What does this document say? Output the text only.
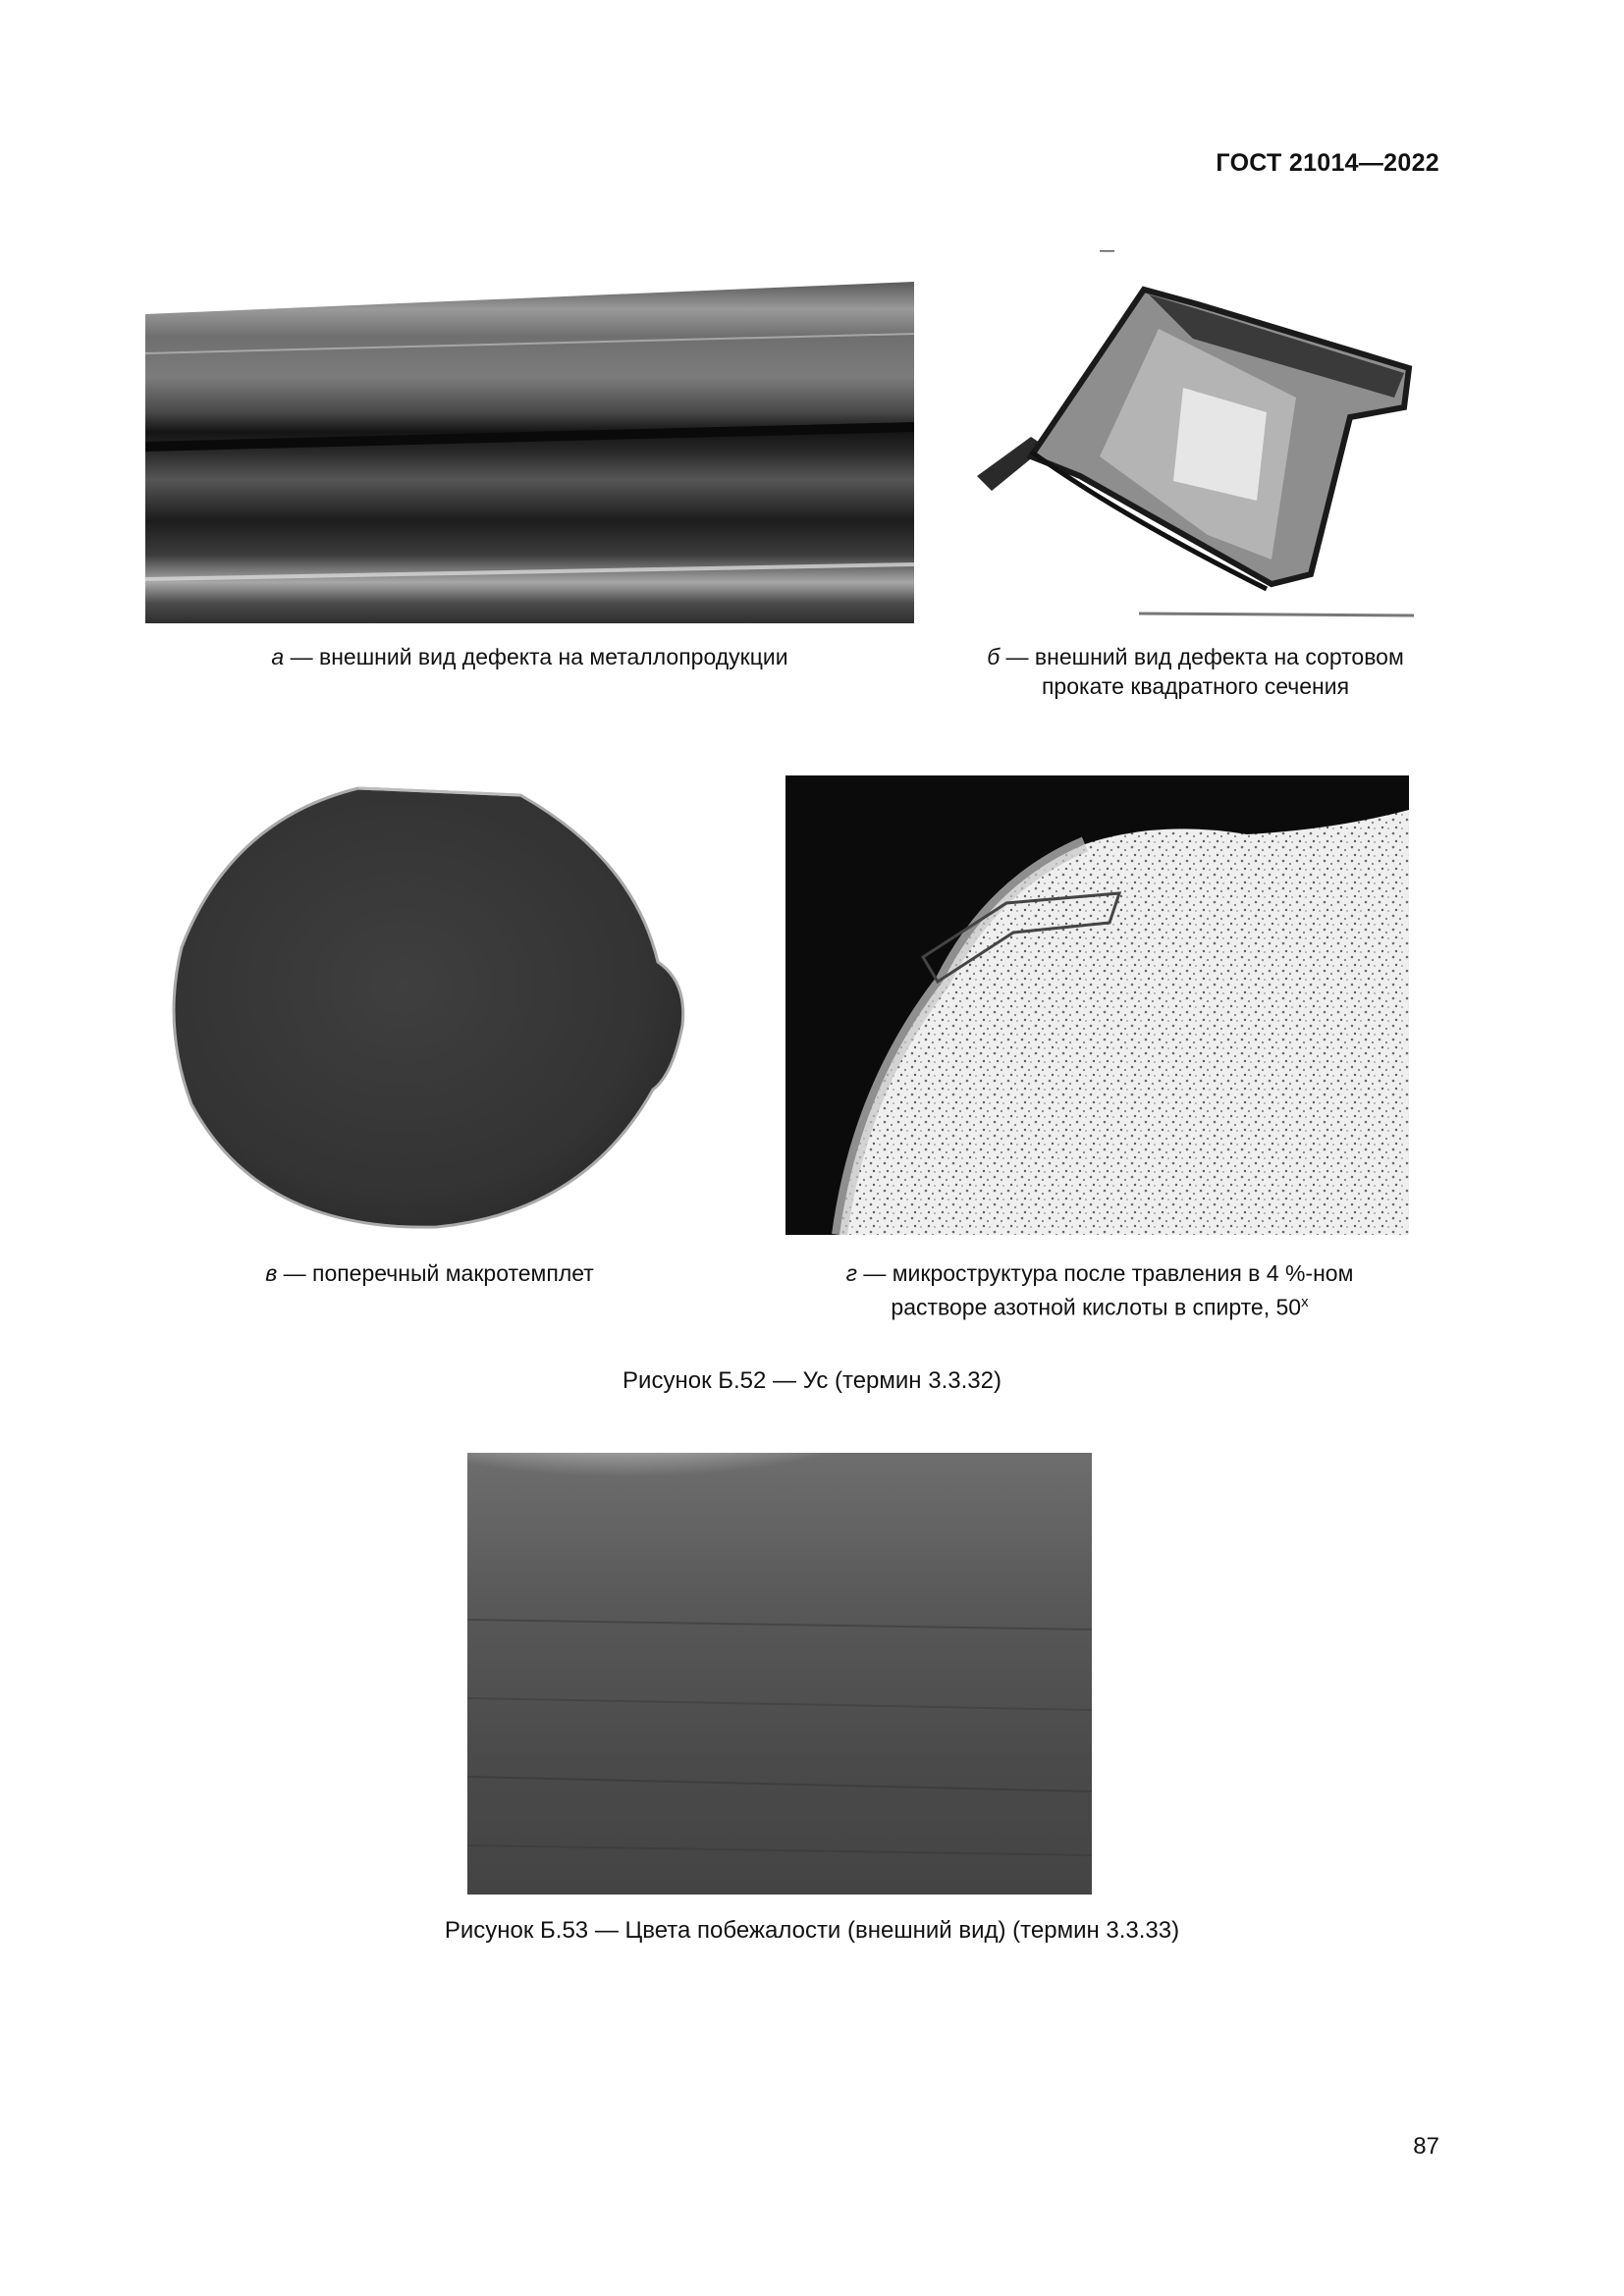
ГОСТ 21014—2022
а — внешний вид дефекта на металлопродукции	б — внешний вид дефекта на сортовом
прокате квадратного сечения
в — поперечный макротемплет	г — микроструктура после травления в 4 %-ном
растворе азотной кислоты в спирте, $50^х$
Рисунок Б.52 — Ус (термин 3.3.32)
Рисунок Б.53 — Цвета побежалости (внешний вид) (термин 3.3.33)
87
